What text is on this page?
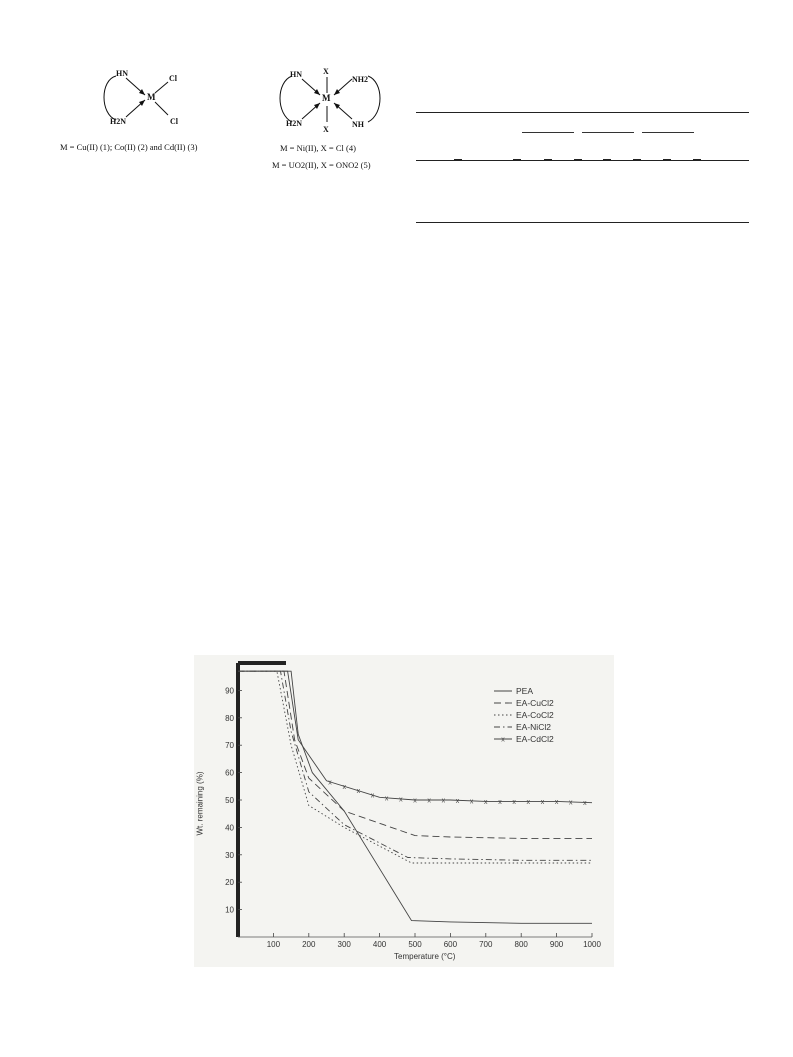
HN
H2N
M
Cl
Cl
M = Cu(II) (1); Co(II) (2) and Cd(II) (3)
X
HN
NH2
M
H2N	NH
X
M = Ni(II), X = Cl (4)
M = UO2(II), X = ONO2 (5)
100	200	300	400	500	600	700	800	900 1000
10
20
30
40
50
60
70
80
90
x
x
x
x x x x x x x x x x x x x x x x
PEA
EA-CuCl2
EA-CoCl2
EA-NiCl2
x EA-CdCl2
Temperature (°C)
Wt. remaining (%)
